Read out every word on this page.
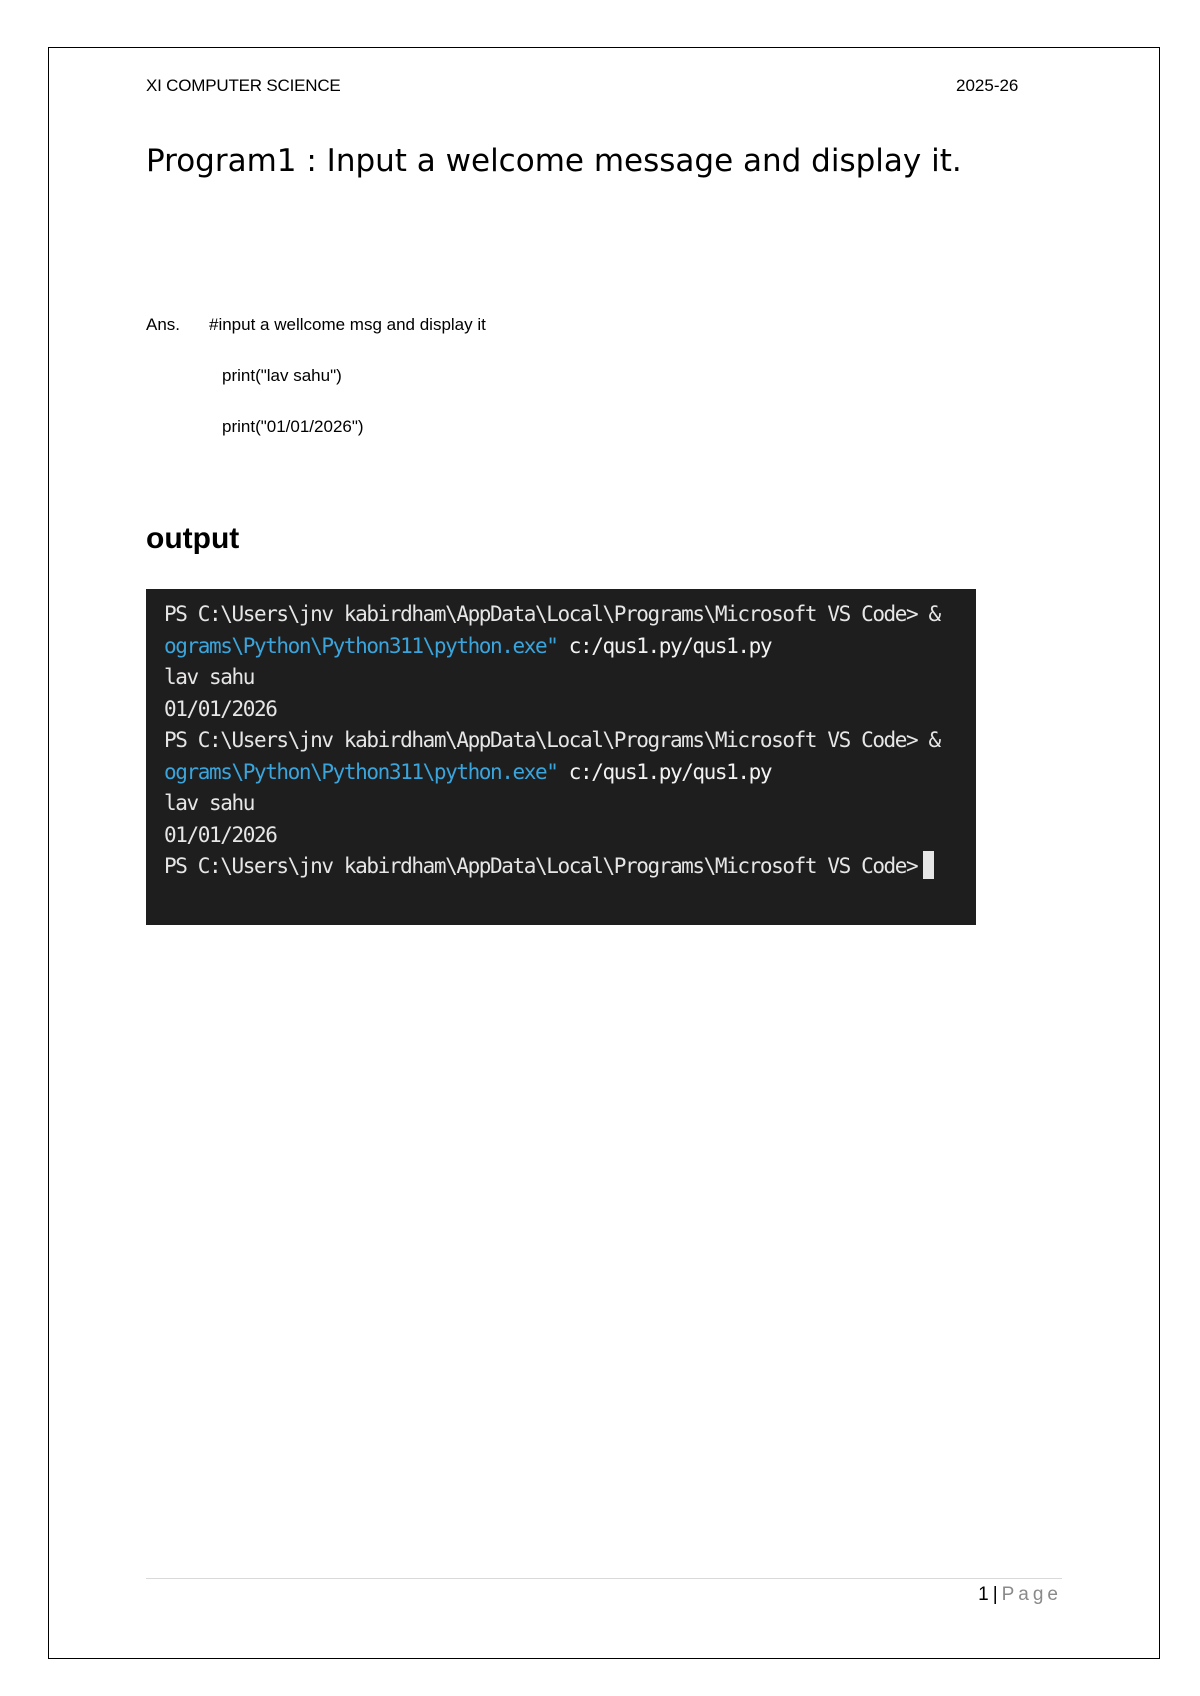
XI COMPUTER SCIENCE	2025-26
Program1 : Input a welcome message and display it.
Ans. #input a wellcome msg and display it
print("lav sahu")
print("01/01/2026")
output
PS C:\Users\jnv kabirdham\AppData\Local\Programs\Microsoft VS Code> &
ograms\Python\Python311\python.exe" c:/qus1.py/qus1.py
lav sahu
01/01/2026
PS C:\Users\jnv kabirdham\AppData\Local\Programs\Microsoft VS Code> &
ograms\Python\Python311\python.exe" c:/qus1.py/qus1.py
lav sahu
01/01/2026
PS C:\Users\jnv kabirdham\AppData\Local\Programs\Microsoft VS Code>
1 | Page
